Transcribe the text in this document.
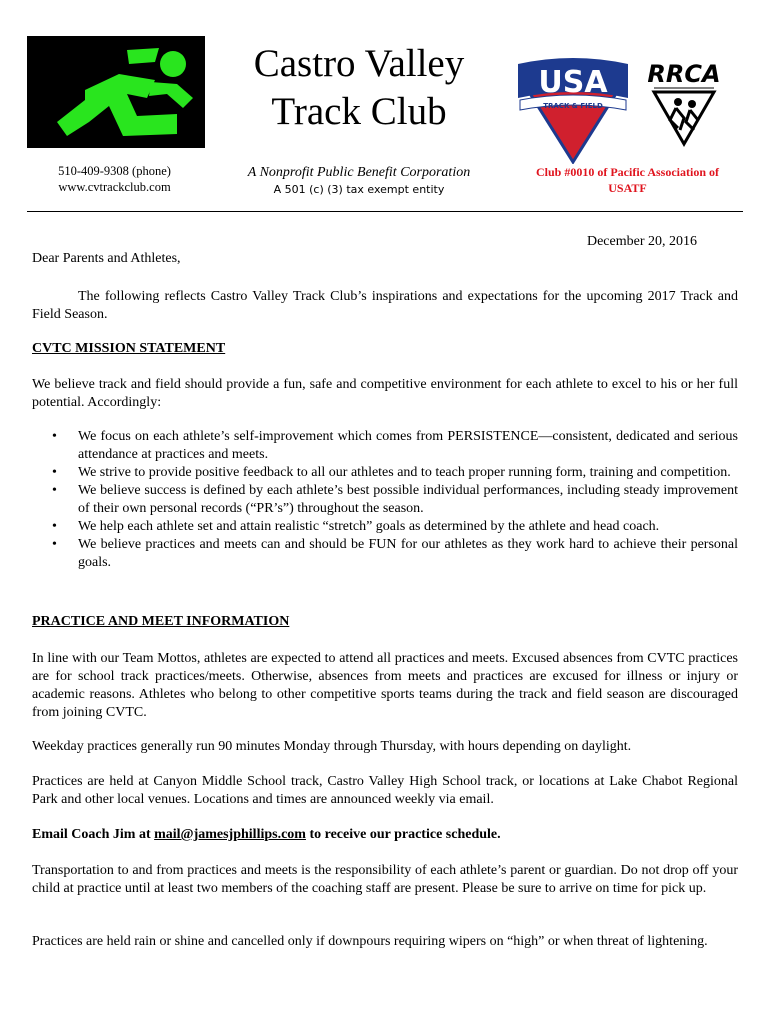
Castro Valley
Track Club
USA
TRACK & FIELD
RRCA
510-409-9308 (phone)
www.cvtrackclub.com
A Nonprofit Public Benefit Corporation
A 501 (c) (3) tax exempt entity
Club #0010 of Pacific Association of USATF
December 20, 2016
Dear Parents and Athletes,
The following reflects Castro Valley Track Club’s inspirations and expectations for the upcoming 2017 Track and Field Season.
CVTC MISSION STATEMENT
We believe track and field should provide a fun, safe and competitive environment for each athlete to excel to his or her full potential. Accordingly:
• We focus on each athlete’s self-improvement which comes from PERSISTENCE—consistent, dedicated and serious attendance at practices and meets.
• We strive to provide positive feedback to all our athletes and to teach proper running form, training and competition.
• We believe success is defined by each athlete’s best possible individual performances, including steady improvement of their own personal records (“PR’s”) throughout the season.
• We help each athlete set and attain realistic “stretch” goals as determined by the athlete and head coach.
• We believe practices and meets can and should be FUN for our athletes as they work hard to achieve their personal goals.
PRACTICE AND MEET INFORMATION
In line with our Team Mottos, athletes are expected to attend all practices and meets. Excused absences from CVTC practices are for school track practices/meets. Otherwise, absences from meets and practices are excused for illness or injury or academic reasons. Athletes who belong to other competitive sports teams during the track and field season are discouraged from joining CVTC.
Weekday practices generally run 90 minutes Monday through Thursday, with hours depending on daylight.
Practices are held at Canyon Middle School track, Castro Valley High School track, or locations at Lake Chabot Regional Park and other local venues. Locations and times are announced weekly via email.
Email Coach Jim at mail@jamesjphillips.com to receive our practice schedule.
Transportation to and from practices and meets is the responsibility of each athlete’s parent or guardian. Do not drop off your child at practice until at least two members of the coaching staff are present. Please be sure to arrive on time for pick up.
Practices are held rain or shine and cancelled only if downpours requiring wipers on “high” or when threat of lightening.
